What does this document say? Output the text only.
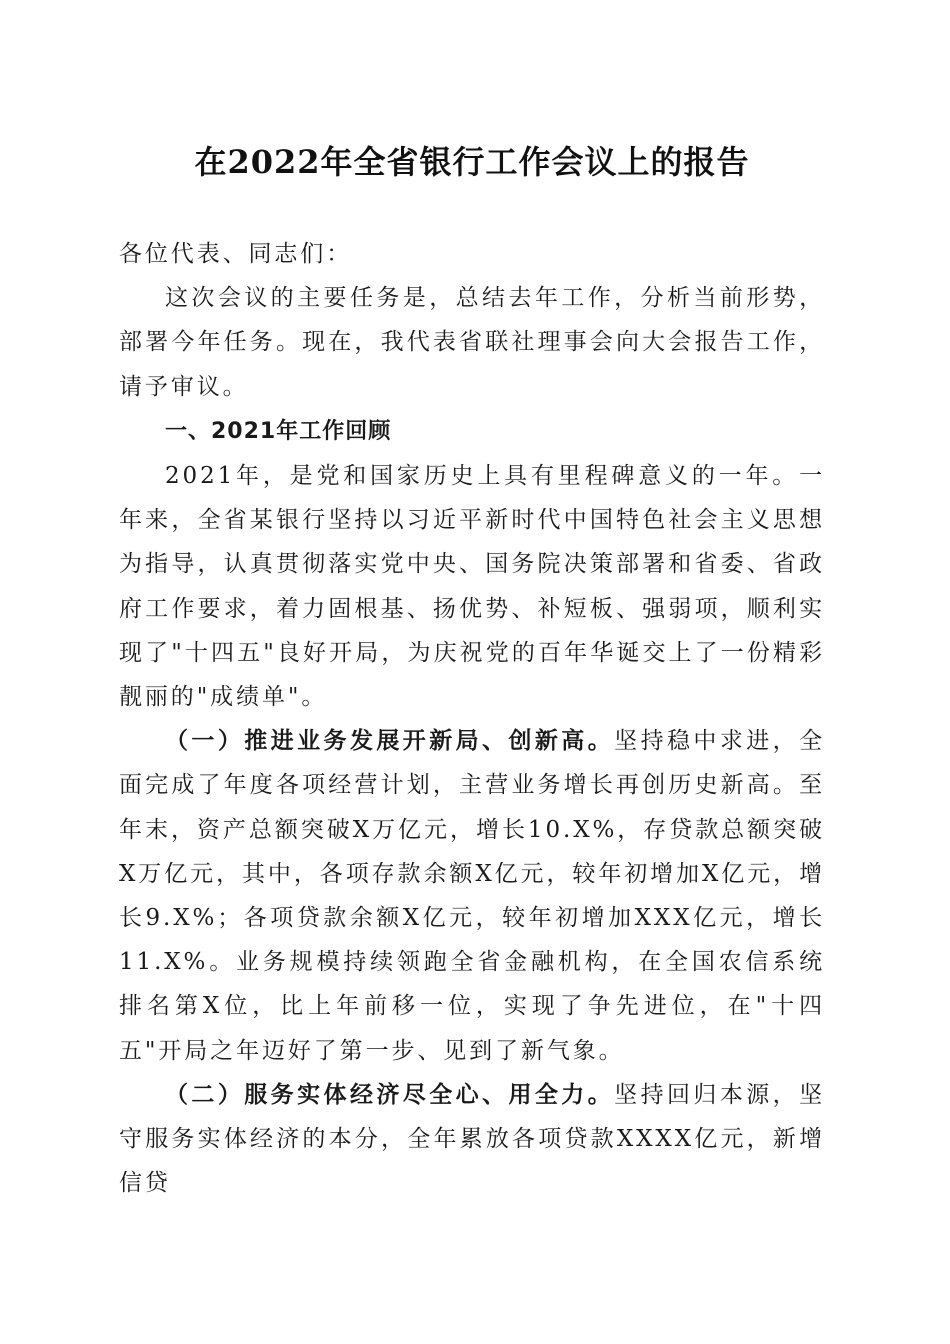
在2022年全省银行工作会议上的报告

各位代表、同志们：

这次会议的主要任务是，总结去年工作，分析当前形势，部署今年任务。现在，我代表省联社理事会向大会报告工作，请予审议。

一、2021年工作回顾

2021年，是党和国家历史上具有里程碑意义的一年。一年来，全省某银行坚持以习近平新时代中国特色社会主义思想为指导，认真贯彻落实党中央、国务院决策部署和省委、省政府工作要求，着力固根基、扬优势、补短板、强弱项，顺利实现了"十四五"良好开局，为庆祝党的百年华诞交上了一份精彩靓丽的"成绩单"。

（一）推进业务发展开新局、创新高。坚持稳中求进，全面完成了年度各项经营计划，主营业务增长再创历史新高。至年末，资产总额突破X万亿元，增长10.X%，存贷款总额突破X万亿元，其中，各项存款余额X亿元，较年初增加X亿元，增长9.X%；各项贷款余额X亿元，较年初增加XXX亿元，增长11.X%。业务规模持续领跑全省金融机构，在全国农信系统排名第X位，比上年前移一位，实现了争先进位，在"十四五"开局之年迈好了第一步、见到了新气象。

（二）服务实体经济尽全心、用全力。坚持回归本源，坚守服务实体经济的本分，全年累放各项贷款XXXX亿元，新增信贷
